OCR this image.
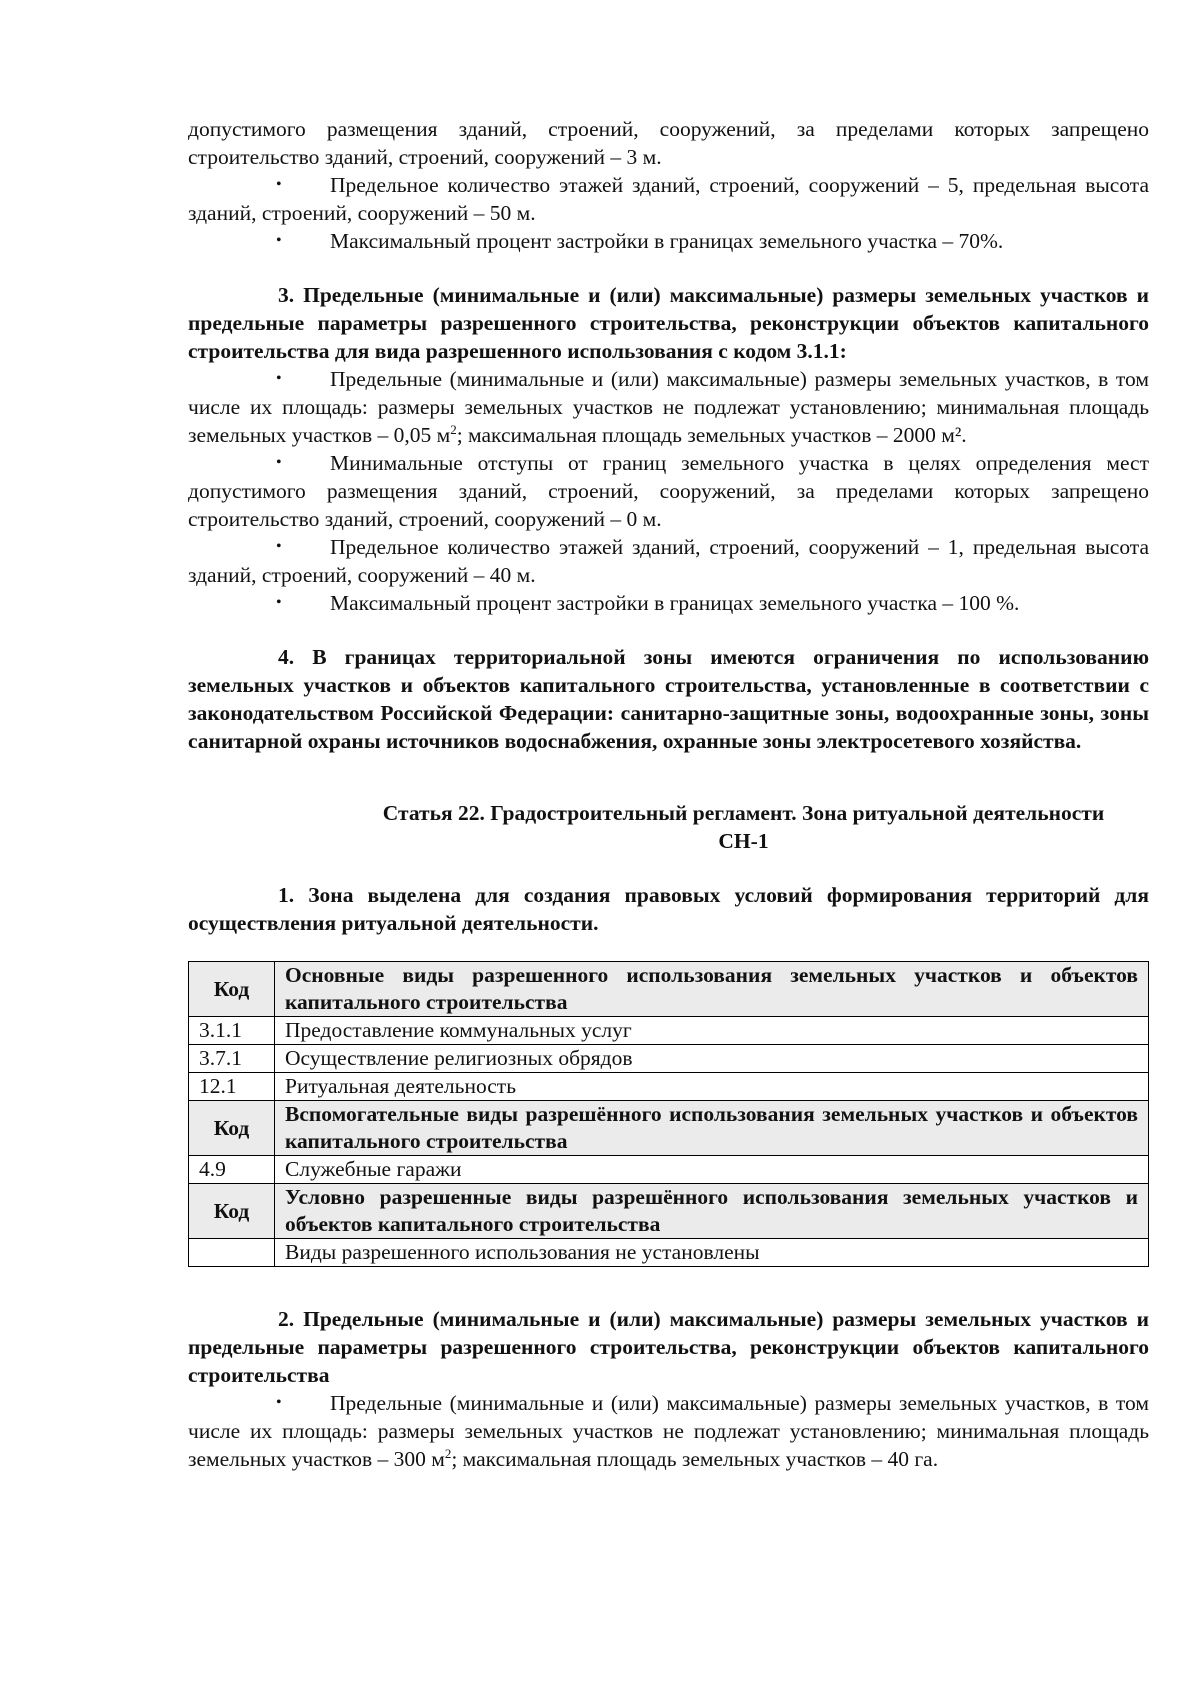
допустимого размещения зданий, строений, сооружений, за пределами которых запрещено строительство зданий, строений, сооружений – 3 м.

• Предельное количество этажей зданий, строений, сооружений – 5, предельная высота зданий, строений, сооружений – 50 м.

• Максимальный процент застройки в границах земельного участка – 70%.

3. Предельные (минимальные и (или) максимальные) размеры земельных участков и предельные параметры разрешенного строительства, реконструкции объектов капитального строительства для вида разрешенного использования с кодом 3.1.1:

• Предельные (минимальные и (или) максимальные) размеры земельных участков, в том числе их площадь: размеры земельных участков не подлежат установлению; минимальная площадь земельных участков – 0,05 $м^2$; максимальная площадь земельных участков – 2000 м².

• Минимальные отступы от границ земельного участка в целях определения мест допустимого размещения зданий, строений, сооружений, за пределами которых запрещено строительство зданий, строений, сооружений – 0 м.

• Предельное количество этажей зданий, строений, сооружений – 1, предельная высота зданий, строений, сооружений – 40 м.

• Максимальный процент застройки в границах земельного участка – 100 %.

4. В границах территориальной зоны имеются ограничения по использованию земельных участков и объектов капитального строительства, установленные в соответствии с законодательством Российской Федерации: санитарно-защитные зоны, водоохранные зоны, зоны санитарной охраны источников водоснабжения, охранные зоны электросетевого хозяйства.

Статья 22. Градостроительный регламент. Зона ритуальной деятельности

СН-1

1. Зона выделена для создания правовых условий формирования территорий для осуществления ритуальной деятельности.

Код	Основные виды разрешенного использования земельных участков и объектов капитального строительства
3.1.1	Предоставление коммунальных услуг
3.7.1	Осуществление религиозных обрядов
12.1	Ритуальная деятельность
Код	Вспомогательные виды разрешённого использования земельных участков и объектов капитального строительства
4.9	Служебные гаражи
Код	Условно разрешенные виды разрешённого использования земельных участков и объектов капитального строительства
	Виды разрешенного использования не установлены

2. Предельные (минимальные и (или) максимальные) размеры земельных участков и предельные параметры разрешенного строительства, реконструкции объектов капитального строительства

• Предельные (минимальные и (или) максимальные) размеры земельных участков, в том числе их площадь: размеры земельных участков не подлежат установлению; минимальная площадь земельных участков – 300 $м^2$; максимальная площадь земельных участков – 40 га.
